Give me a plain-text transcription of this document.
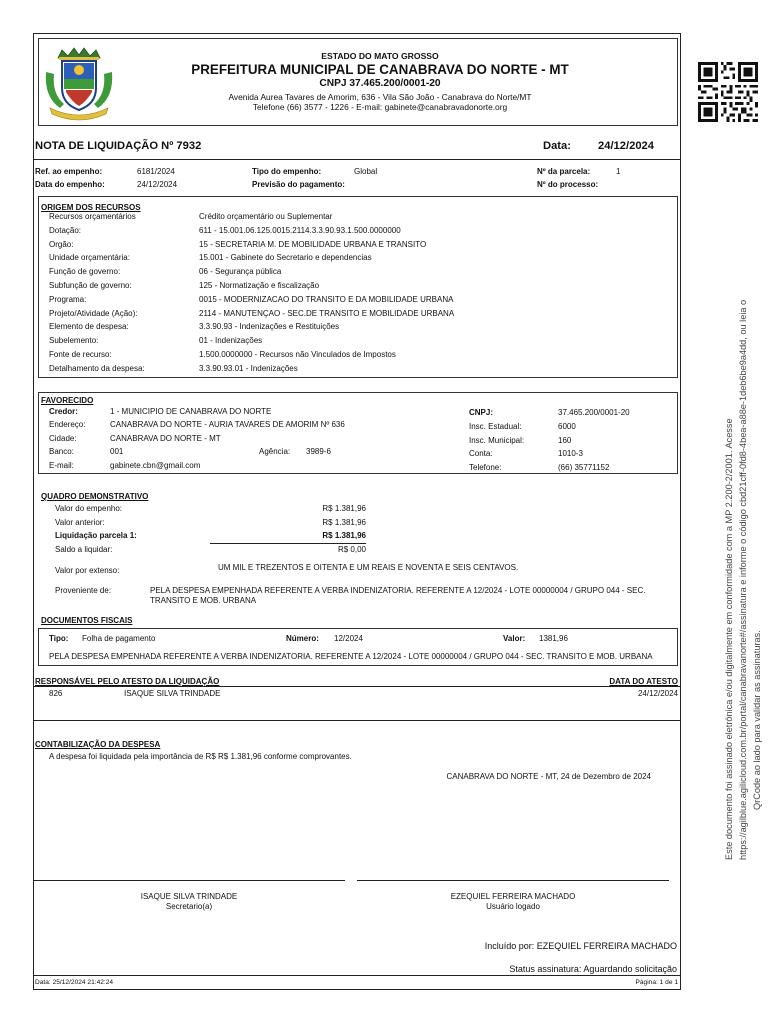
ESTADO DO MATO GROSSO
PREFEITURA MUNICIPAL DE CANABRAVA DO NORTE - MT
CNPJ 37.465.200/0001-20
Avenida Aurea Tavares de Amorim, 636 - Vila São João - Canabrava do Norte/MT
Telefone (66) 3577 - 1226 - E-mail: gabinete@canabravadonorte.org
NOTA DE LIQUIDAÇÃO Nº 7932	Data: 24/12/2024
Ref. ao empenho:	6181/2024	Tipo do empenho:	Global	Nº da parcela:	1
Data do empenho:	24/12/2024	Previsão do pagamento:	Nº do processo:
ORIGEM DOS RECURSOS
Recursos orçamentários	Crédito orçamentário ou Suplementar
Dotação:	611 - 15.001.06.125.0015.2114.3.3.90.93.1.500.0000000
Orgão:	15 - SECRETARIA M. DE MOBILIDADE URBANA E TRANSITO
Unidade orçamentária:	15.001 - Gabinete do Secretario e dependencias
Função de governo:	06 - Segurança pública
Subfunção de governo:	125 - Normatização e fiscalização
Programa:	0015 - MODERNIZACAO DO TRANSITO E DA MOBILIDADE URBANA
Projeto/Atividade (Ação):	2114 - MANUTENÇAO - SEC.DE TRANSITO E MOBILIDADE URBANA
Elemento de despesa:	3.3.90.93 - Indenizações e Restituições
Subelemento:	01 - Indenizações
Fonte de recurso:	1.500.0000000 - Recursos não Vinculados de Impostos
Detalhamento da despesa:	3.3.90.93.01 - Indenizações
FAVORECIDO
Credor:	1 - MUNICIPIO DE CANABRAVA DO NORTE
Endereço:	CANABRAVA DO NORTE - AURIA TAVARES DE AMORIM Nº 636
Cidade:	CANABRAVA DO NORTE - MT
Banco:	001	Agência: 3989-6
E-mail:	gabinete.cbn@gmail.com
CNPJ:	37.465.200/0001-20
Insc. Estadual:	6000
Insc. Municipal:	160
Conta:	1010-3
Telefone:	(66) 35771152
QUADRO DEMONSTRATIVO
Valor do empenho:	R$ 1.381,96
Valor anterior:	R$ 1.381,96
Liquidação parcela 1:	R$ 1.381,96
Saldo a liquidar:	R$ 0,00
Valor por extenso:	UM MIL E TREZENTOS E OITENTA E UM REAIS E NOVENTA E SEIS CENTAVOS.
Proveniente de:	PELA DESPESA EMPENHADA REFERENTE A VERBA INDENIZATORIA. REFERENTE A 12/2024 - LOTE 00000004 / GRUPO 044 - SEC. TRANSITO E MOB. URBANA
DOCUMENTOS FISCAIS
Tipo: Folha de pagamento	Número: 12/2024	Valor: 1381,96
PELA DESPESA EMPENHADA REFERENTE A VERBA INDENIZATORIA. REFERENTE A 12/2024 - LOTE 00000004 / GRUPO 044 - SEC. TRANSITO E MOB. URBANA
RESPONSÁVEL PELO ATESTO DA LIQUIDAÇÃO	DATA DO ATESTO
826	ISAQUE SILVA TRINDADE	24/12/2024
CONTABILIZAÇÃO DA DESPESA
A despesa foi liquidada pela importância de R$ R$ 1.381,96 conforme comprovantes.
CANABRAVA DO NORTE - MT, 24 de Dezembro de 2024
ISAQUE SILVA TRINDADE
Secretario(a)
EZEQUIEL FERREIRA MACHADO
Usuário logado
Incluído por: EZEQUIEL FERREIRA MACHADO
Status assinatura: Aguardando solicitação
Data: 25/12/2024 21:42:24	Página: 1 de 1
Este documento foi assinado eletrônica e/ou digitalmente em conformidade com a MP 2.200-2/2001. Acesse https://agilblue.agilicloud.com.br/portal/canabravanorte#/assinatura e informe o código cbd21cff-0fd8-4bea-a88e-1deb6be9a4dd, ou leia o QrCode ao lado para validar as assinaturas.
